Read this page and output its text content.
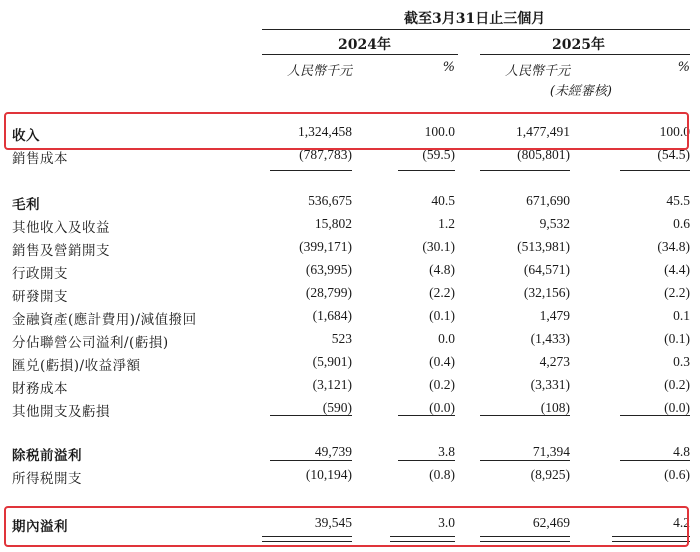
截至3月31日止三個月
2024年	2025年
人民幣千元	%	人民幣千元	%
(未經審核)
收入	1,324,458	100.0	1,477,491	100.0
銷售成本	(787,783)	(59.5)	(805,801)	(54.5)
毛利	536,675	40.5	671,690	45.5
其他收入及收益	15,802	1.2	9,532	0.6
銷售及營銷開支	(399,171)	(30.1)	(513,981)	(34.8)
行政開支	(63,995)	(4.8)	(64,571)	(4.4)
研發開支	(28,799)	(2.2)	(32,156)	(2.2)
金融資產(應計費用)/減值撥回	(1,684)	(0.1)	1,479	0.1
分佔聯營公司溢利/(虧損)	523	0.0	(1,433)	(0.1)
匯兑(虧損)/收益淨額	(5,901)	(0.4)	4,273	0.3
財務成本	(3,121)	(0.2)	(3,331)	(0.2)
其他開支及虧損	(590)	(0.0)	(108)	(0.0)
除税前溢利	49,739	3.8	71,394	4.8
所得税開支	(10,194)	(0.8)	(8,925)	(0.6)
期內溢利	39,545	3.0	62,469	4.2
